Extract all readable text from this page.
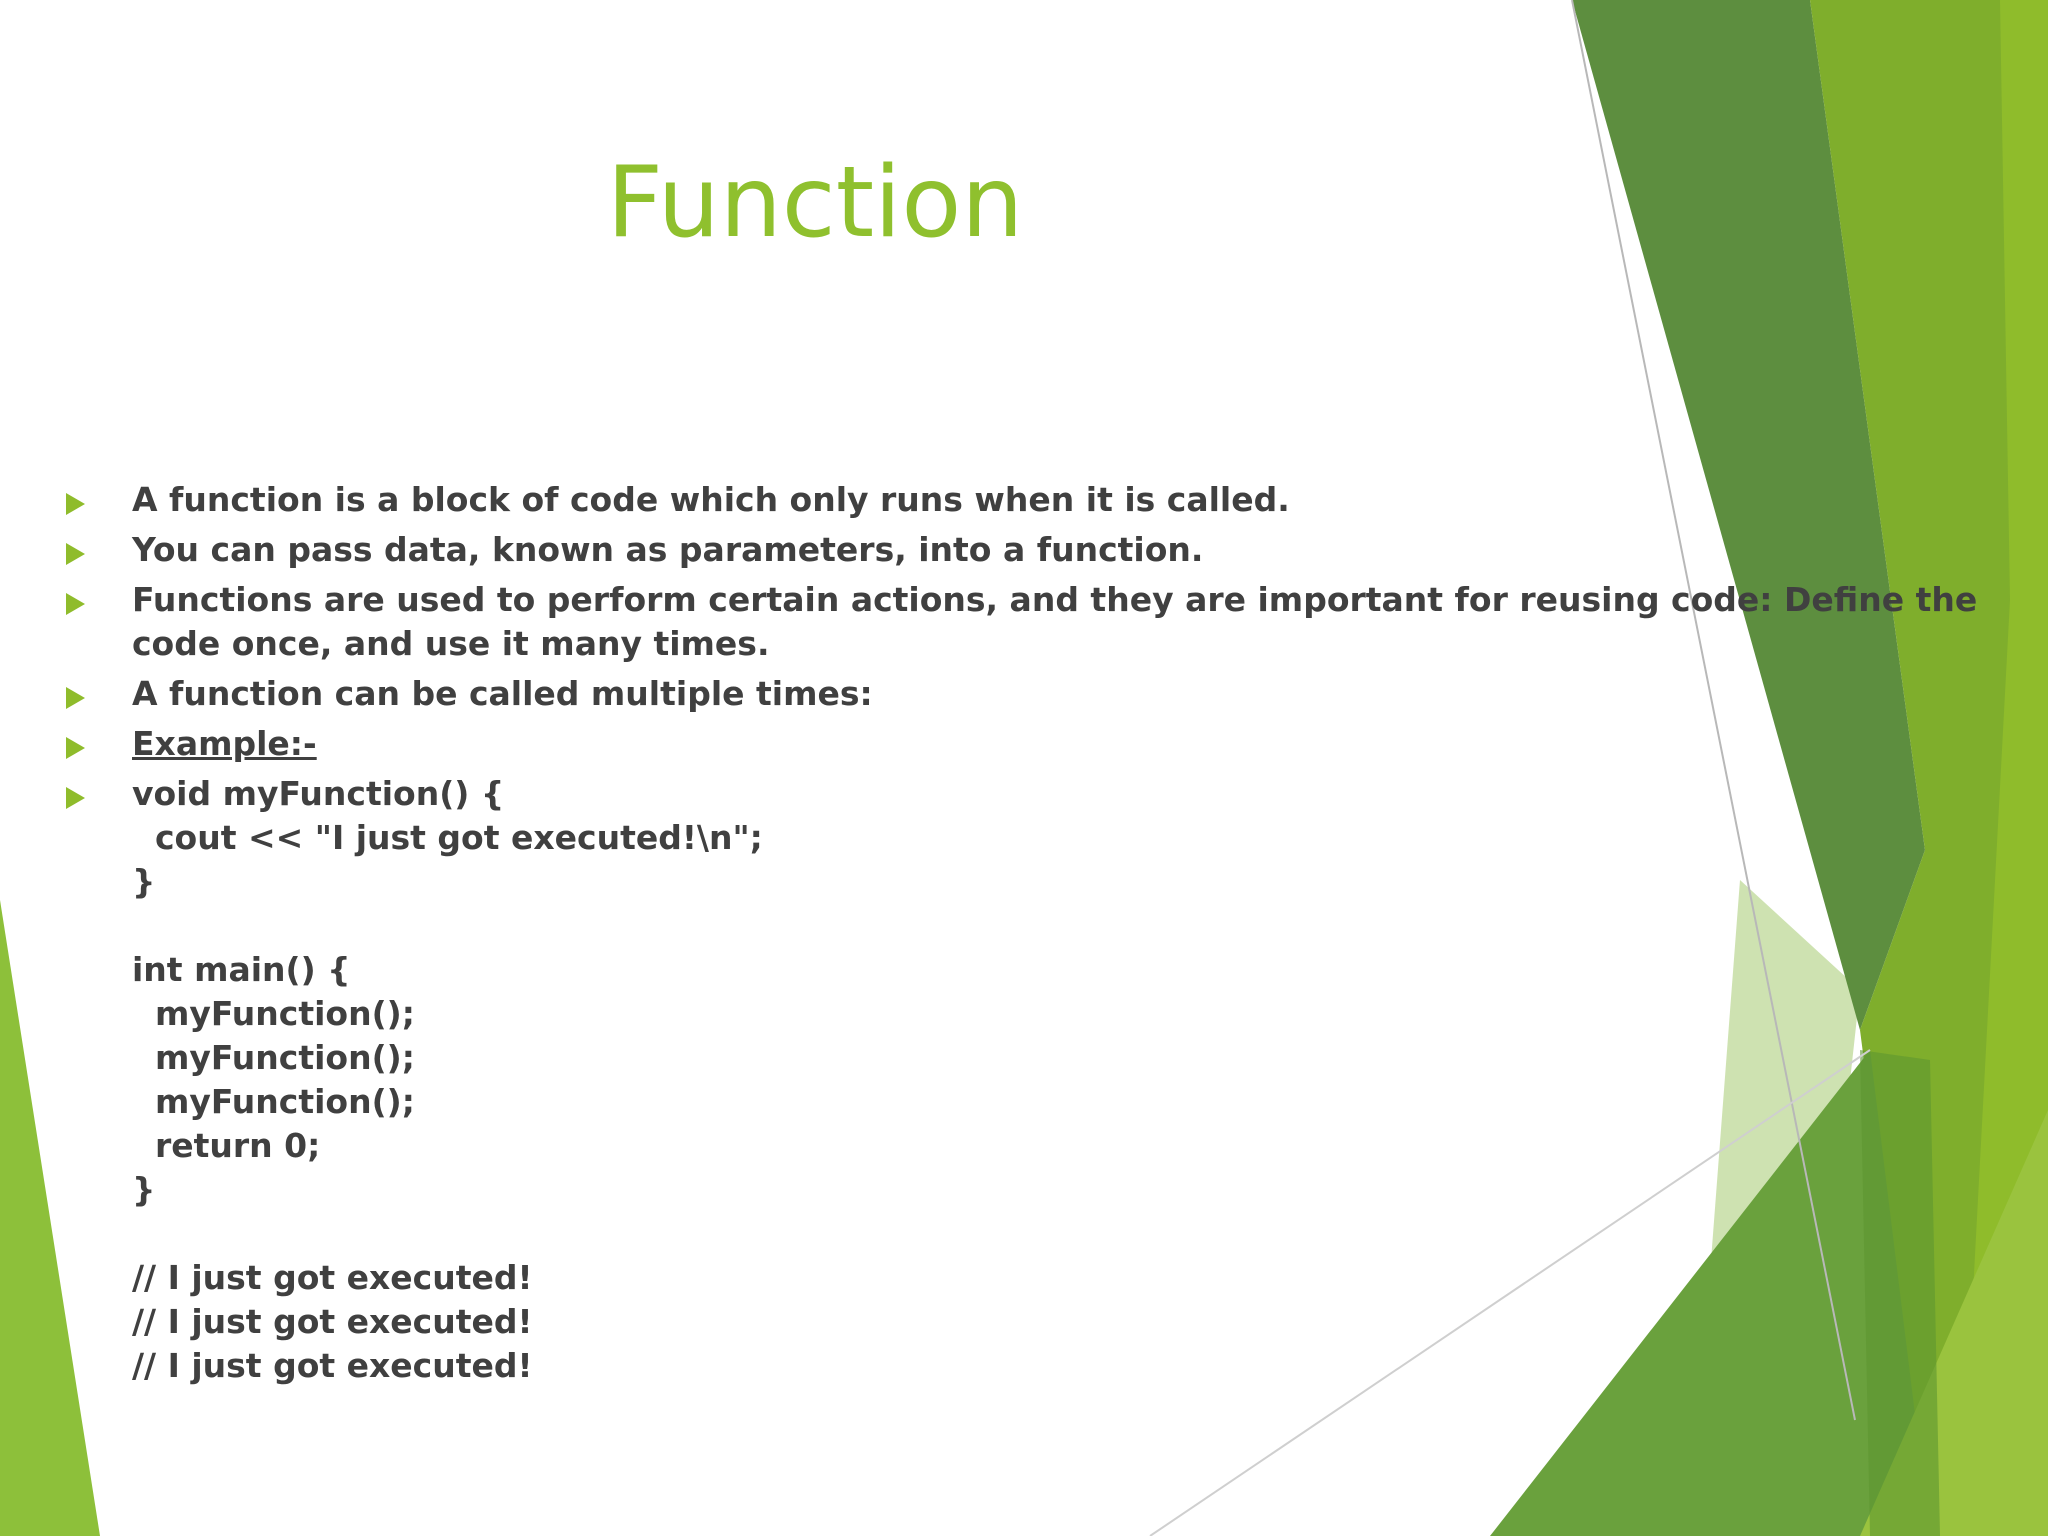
Function
A function is a block of code which only runs when it is called.
You can pass data, known as parameters, into a function.
Functions are used to perform certain actions, and they are important for reusing code: Define the code once, and use it many times.
A function can be called multiple times:
Example:-
void myFunction() {
cout << "I just got executed!\n";
}

int main() {
myFunction();
myFunction();
myFunction();
return 0;
}

// I just got executed!
// I just got executed!
// I just got executed!
